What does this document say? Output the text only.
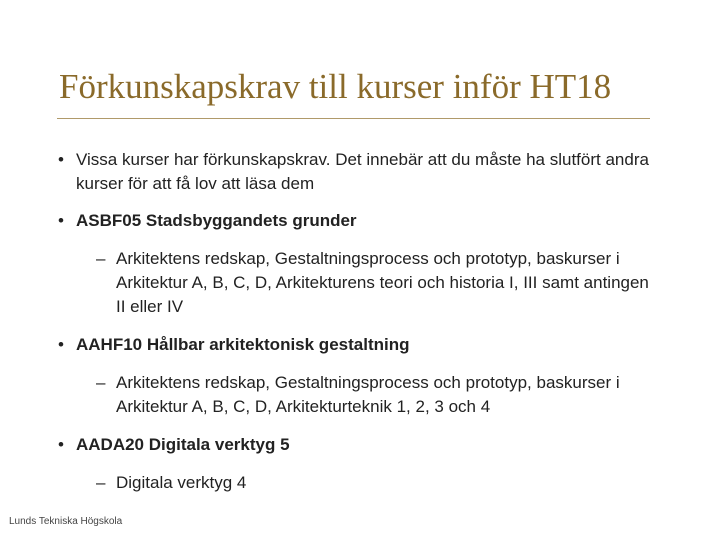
Förkunskapskrav till kurser inför HT18
• Vissa kurser har förkunskapskrav. Det innebär att du måste ha slutfört andra kurser för att få lov att läsa dem
• ASBF05 Stadsbyggandets grunder
– Arkitektens redskap, Gestaltningsprocess och prototyp, baskurser i Arkitektur A, B, C, D, Arkitekturens teori och historia I, III samt antingen II eller IV
• AAHF10 Hållbar arkitektonisk gestaltning
– Arkitektens redskap, Gestaltningsprocess och prototyp, baskurser i Arkitektur A, B, C, D, Arkitekturteknik 1, 2, 3 och 4
• AADA20 Digitala verktyg 5
– Digitala verktyg 4
Lunds Tekniska Högskola
